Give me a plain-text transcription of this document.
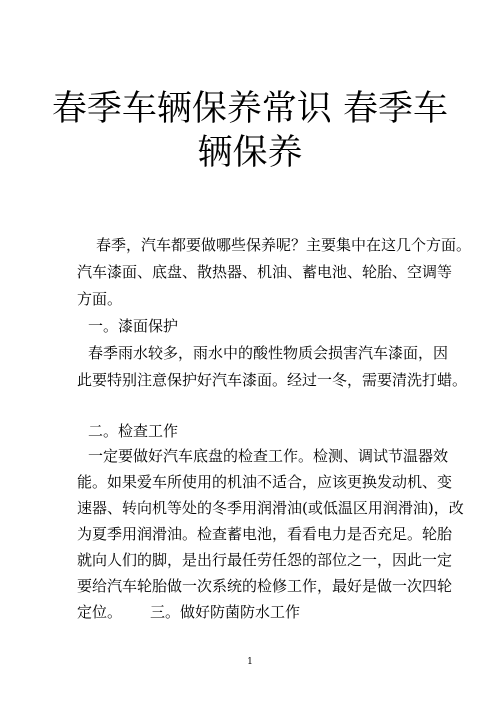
春季车辆保养常识 春季车
辆保养
春季，汽车都要做哪些保养呢？主要集中在这几个方面。
汽车漆面、底盘、散热器、机油、蓄电池、轮胎、空调等
方面。
一。漆面保护
春季雨水较多，雨水中的酸性物质会损害汽车漆面，因
此要特别注意保护好汽车漆面。经过一冬，需要清洗打蜡。
二。检查工作
一定要做好汽车底盘的检查工作。检测、调试节温器效
能。如果爱车所使用的机油不适合，应该更换发动机、变
速器、转向机等处的冬季用润滑油(或低温区用润滑油)，改
为夏季用润滑油。检查蓄电池，看看电力是否充足。轮胎
就向人们的脚，是出行最任劳任怨的部位之一，因此一定
要给汽车轮胎做一次系统的检修工作，最好是做一次四轮
定位。 三。做好防菌防水工作
1
